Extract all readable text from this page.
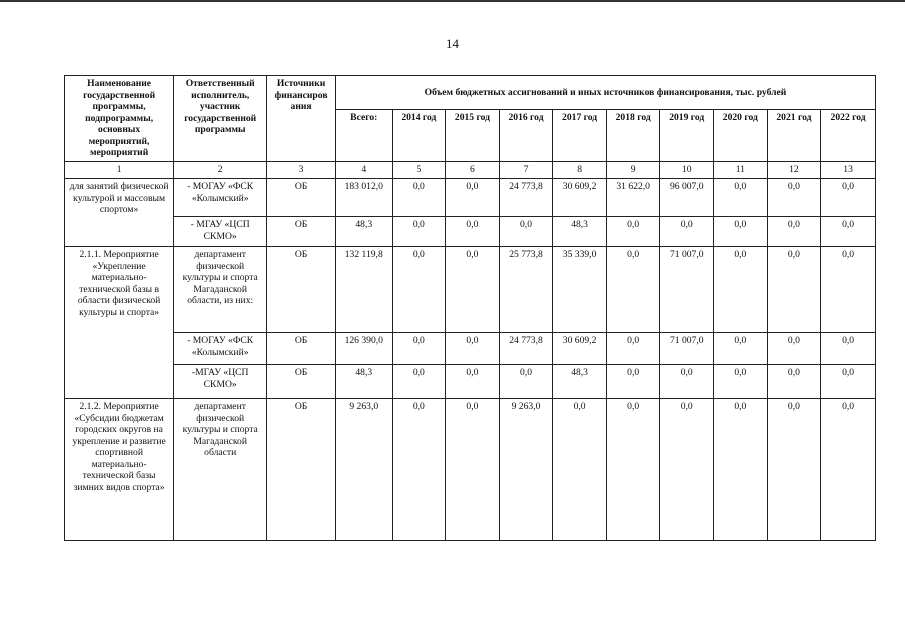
14
Наименование государственной программы, подпрограммы, основных мероприятий, мероприятий	Ответственный исполнитель, участник государственной программы	Источники финансиров ания	Объем бюджетных ассигнований и иных источников финансирования, тыс. рублей									
			Всего:	2014 год	2015 год	2016 год	2017 год	2018 год	2019 год	2020 год	2021 год	2022 год
1	2	3	4	5	6	7	8	9	10	11	12	13
для занятий физической культурой и массовым спортом»	- МОГАУ «ФСК «Колымский»	ОБ	183 012,0	0,0	0,0	24 773,8	30 609,2	31 622,0	96 007,0	0,0	0,0	0,0
	- МГАУ «ЦСП СКМО»	ОБ	48,3	0,0	0,0	0,0	48,3	0,0	0,0	0,0	0,0	0,0
2.1.1. Мероприятие «Укрепление материально-технической базы в области физической культуры и спорта»	департамент физической культуры и спорта Магаданской области, из них:	ОБ	132 119,8	0,0	0,0	25 773,8	35 339,0	0,0	71 007,0	0,0	0,0	0,0
	- МОГАУ «ФСК «Колымский»	ОБ	126 390,0	0,0	0,0	24 773,8	30 609,2	0,0	71 007,0	0,0	0,0	0,0
	-МГАУ «ЦСП СКМО»	ОБ	48,3	0,0	0,0	0,0	48,3	0,0	0,0	0,0	0,0	0,0
2.1.2. Мероприятие «Субсидии бюджетам городских округов на укрепление и развитие спортивной материально-технической базы зимних видов спорта»	департамент физической культуры и спорта Магаданской области	ОБ	9 263,0	0,0	0,0	9 263,0	0,0	0,0	0,0	0,0	0,0	0,0
